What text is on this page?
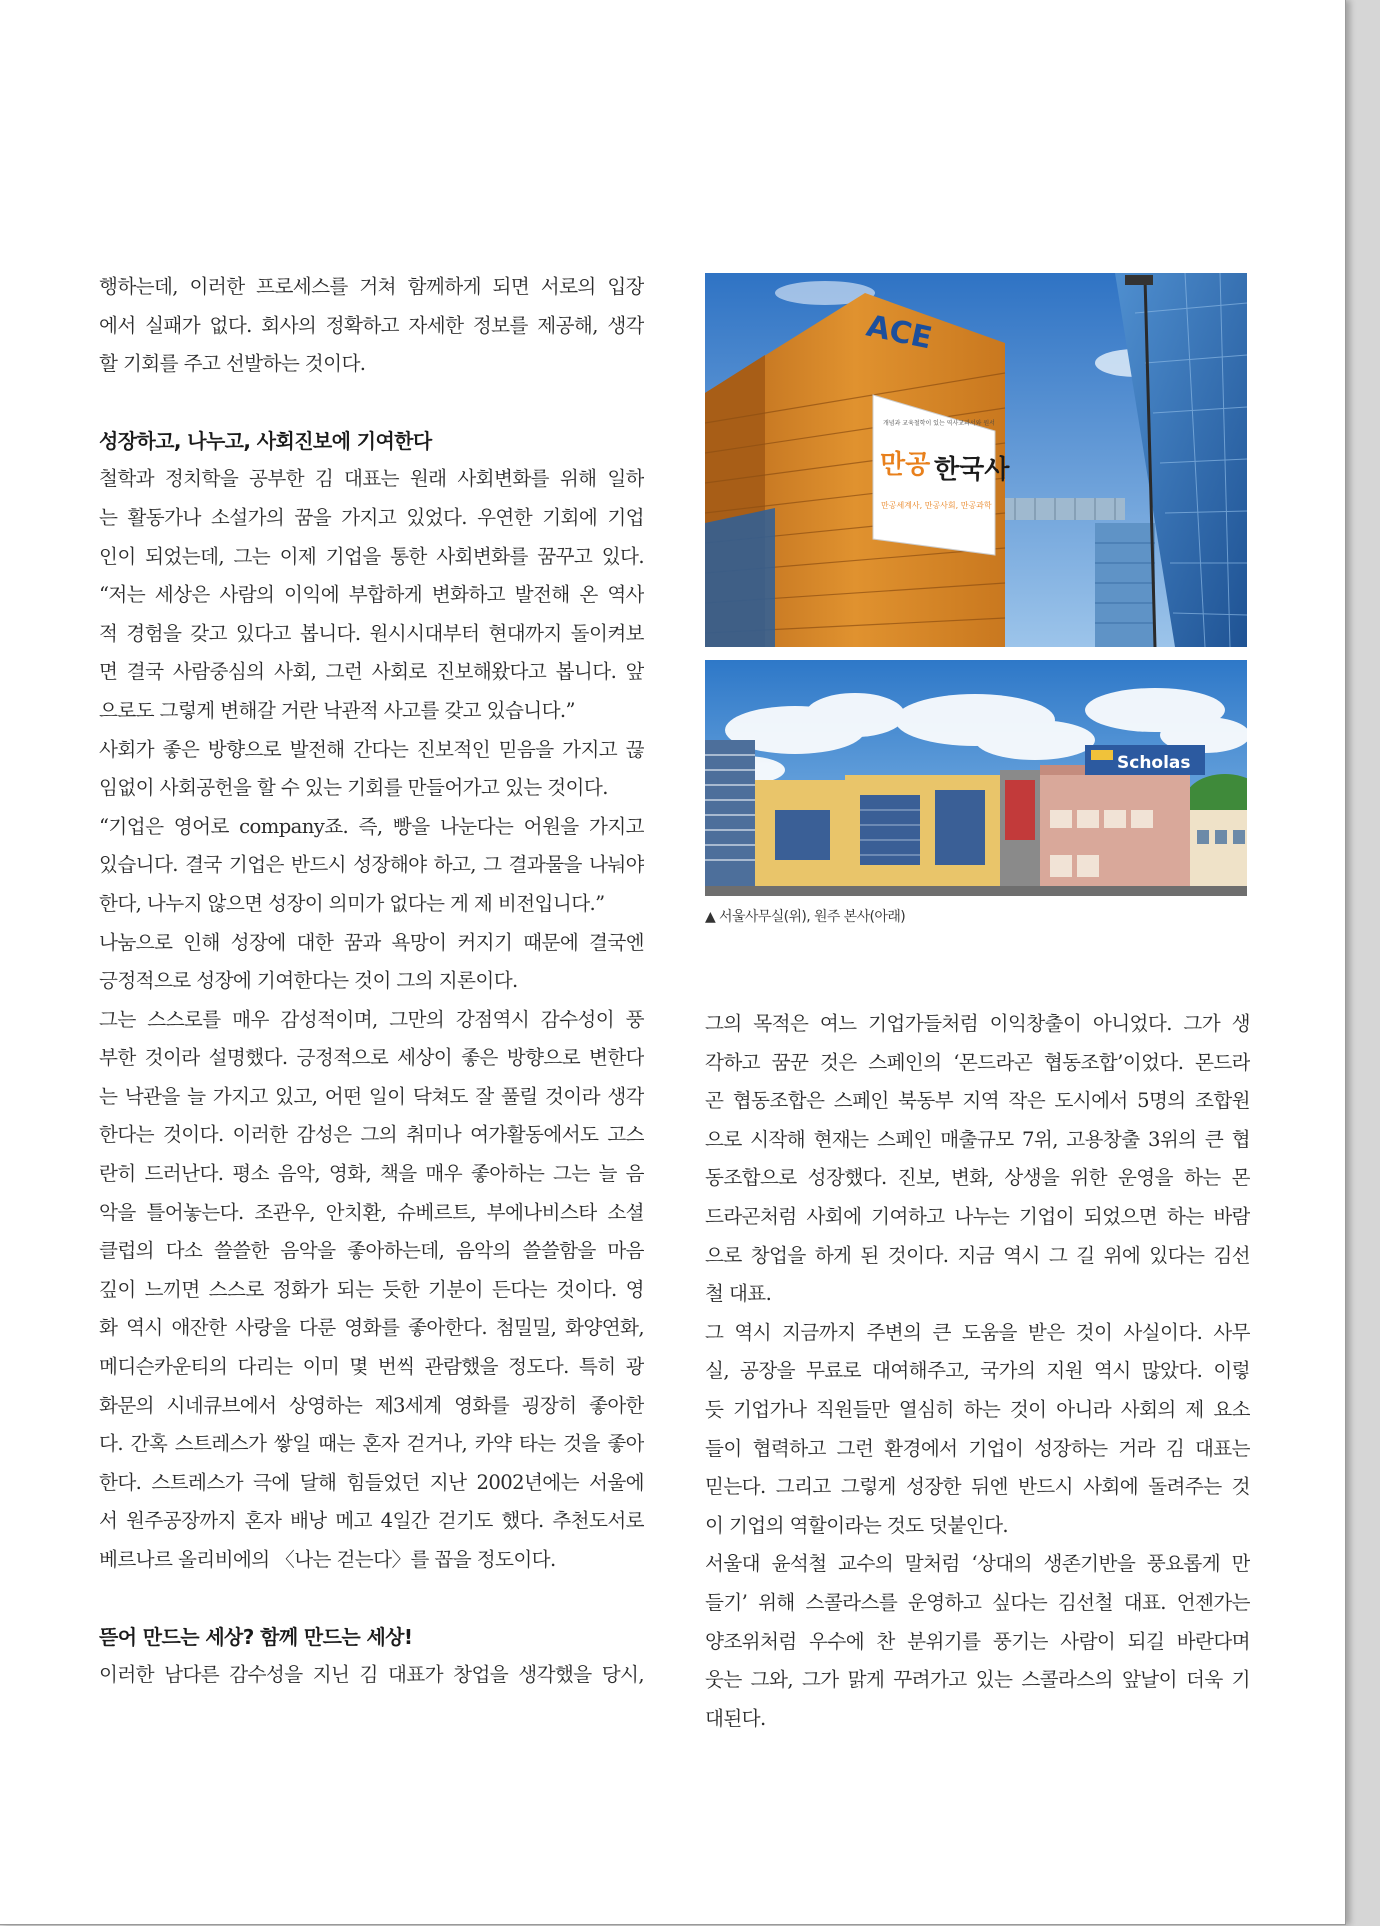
행하는데, 이러한 프로세스를 거쳐 함께하게 되면 서로의 입장
에서 실패가 없다. 회사의 정확하고 자세한 정보를 제공해, 생각
할 기회를 주고 선발하는 것이다.
성장하고, 나누고, 사회진보에 기여한다
철학과 정치학을 공부한 김 대표는 원래 사회변화를 위해 일하
는 활동가나 소설가의 꿈을 가지고 있었다. 우연한 기회에 기업
인이 되었는데, 그는 이제 기업을 통한 사회변화를 꿈꾸고 있다.
“저는 세상은 사람의 이익에 부합하게 변화하고 발전해 온 역사
적 경험을 갖고 있다고 봅니다. 원시시대부터 현대까지 돌이켜보
면 결국 사람중심의 사회, 그런 사회로 진보해왔다고 봅니다. 앞
으로도 그렇게 변해갈 거란 낙관적 사고를 갖고 있습니다.”
사회가 좋은 방향으로 발전해 간다는 진보적인 믿음을 가지고 끊
임없이 사회공헌을 할 수 있는 기회를 만들어가고 있는 것이다.
“기업은 영어로 company죠. 즉, 빵을 나눈다는 어원을 가지고
있습니다. 결국 기업은 반드시 성장해야 하고, 그 결과물을 나눠야
한다, 나누지 않으면 성장이 의미가 없다는 게 제 비전입니다.”
나눔으로 인해 성장에 대한 꿈과 욕망이 커지기 때문에 결국엔
긍정적으로 성장에 기여한다는 것이 그의 지론이다.
그는 스스로를 매우 감성적이며, 그만의 강점역시 감수성이 풍
부한 것이라 설명했다. 긍정적으로 세상이 좋은 방향으로 변한다
는 낙관을 늘 가지고 있고, 어떤 일이 닥쳐도 잘 풀릴 것이라 생각
한다는 것이다. 이러한 감성은 그의 취미나 여가활동에서도 고스
란히 드러난다. 평소 음악, 영화, 책을 매우 좋아하는 그는 늘 음
악을 틀어놓는다. 조관우, 안치환, 슈베르트, 부에나비스타 소셜
클럽의 다소 쓸쓸한 음악을 좋아하는데, 음악의 쓸쓸함을 마음
깊이 느끼면 스스로 정화가 되는 듯한 기분이 든다는 것이다. 영
화 역시 애잔한 사랑을 다룬 영화를 좋아한다. 첨밀밀, 화양연화,
메디슨카운티의 다리는 이미 몇 번씩 관람했을 정도다. 특히 광
화문의 시네큐브에서 상영하는 제3세계 영화를 굉장히 좋아한
다. 간혹 스트레스가 쌓일 때는 혼자 걷거나, 카약 타는 것을 좋아
한다. 스트레스가 극에 달해 힘들었던 지난 2002년에는 서울에
서 원주공장까지 혼자 배낭 메고 4일간 걷기도 했다. 추천도서로
베르나르 올리비에의 〈나는 걷는다〉를 꼽을 정도이다.
뜯어 만드는 세상? 함께 만드는 세상!
이러한 남다른 감수성을 지닌 김 대표가 창업을 생각했을 당시,
ACE
개념과 교육철학이 있는 역사교과서와 원서
만공 한국사
만공세계사, 만공사회, 만공과학
Scholas
▲ 서울사무실(위), 원주 본사(아래)
그의 목적은 여느 기업가들처럼 이익창출이 아니었다. 그가 생
각하고 꿈꾼 것은 스페인의 ‘몬드라곤 협동조합’이었다. 몬드라
곤 협동조합은 스페인 북동부 지역 작은 도시에서 5명의 조합원
으로 시작해 현재는 스페인 매출규모 7위, 고용창출 3위의 큰 협
동조합으로 성장했다. 진보, 변화, 상생을 위한 운영을 하는 몬
드라곤처럼 사회에 기여하고 나누는 기업이 되었으면 하는 바람
으로 창업을 하게 된 것이다. 지금 역시 그 길 위에 있다는 김선
철 대표.
그 역시 지금까지 주변의 큰 도움을 받은 것이 사실이다. 사무
실, 공장을 무료로 대여해주고, 국가의 지원 역시 많았다. 이렇
듯 기업가나 직원들만 열심히 하는 것이 아니라 사회의 제 요소
들이 협력하고 그런 환경에서 기업이 성장하는 거라 김 대표는
믿는다. 그리고 그렇게 성장한 뒤엔 반드시 사회에 돌려주는 것
이 기업의 역할이라는 것도 덧붙인다.
서울대 윤석철 교수의 말처럼 ‘상대의 생존기반을 풍요롭게 만
들기’ 위해 스콜라스를 운영하고 싶다는 김선철 대표. 언젠가는
양조위처럼 우수에 찬 분위기를 풍기는 사람이 되길 바란다며
웃는 그와, 그가 맑게 꾸려가고 있는 스콜라스의 앞날이 더욱 기
대된다.
